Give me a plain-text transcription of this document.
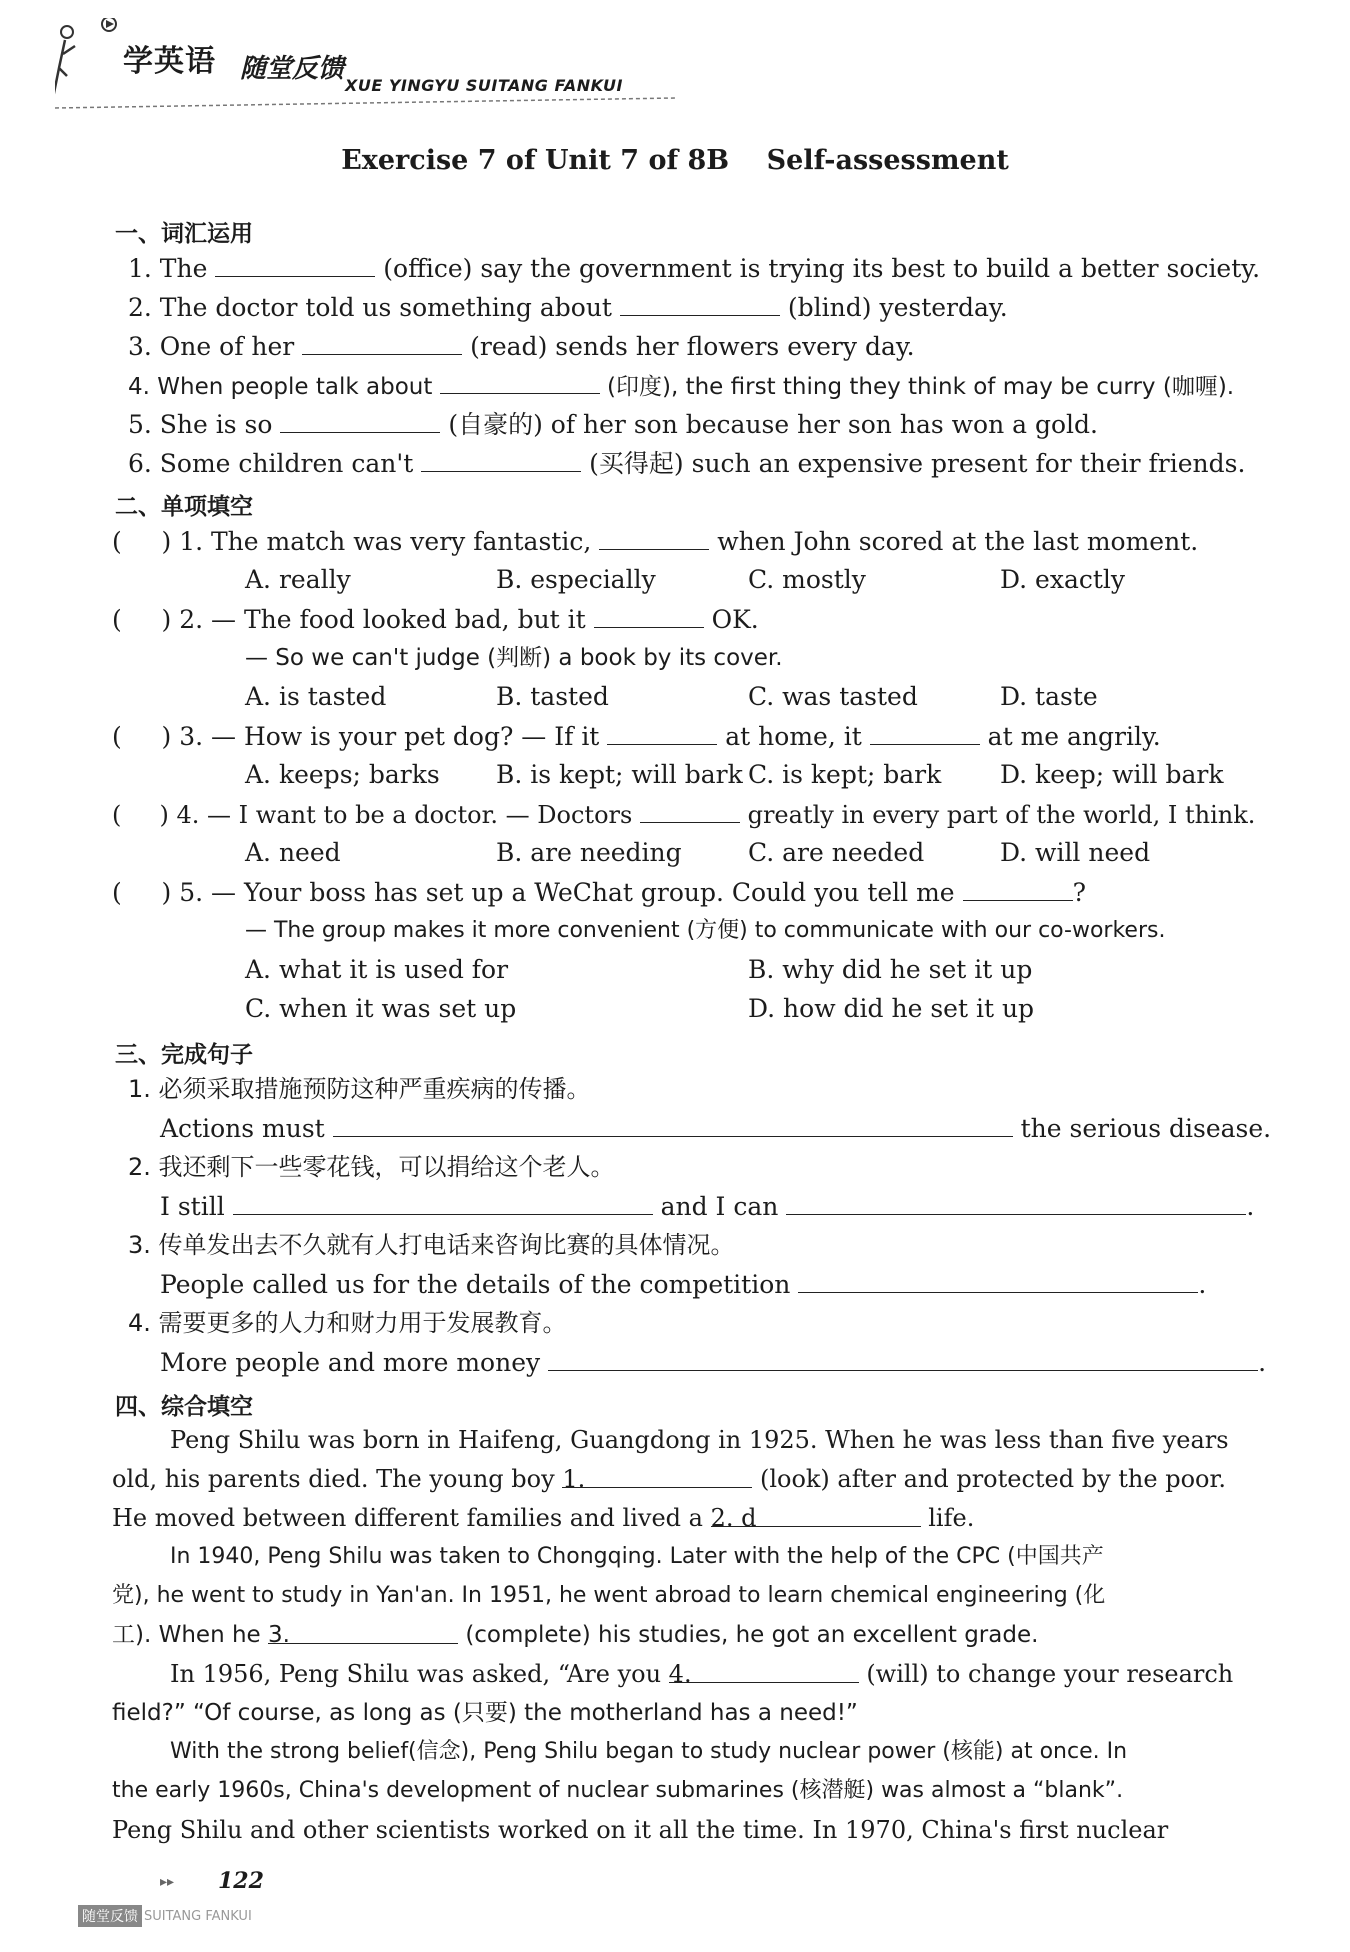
学英语 随堂反馈
XUE YINGYU SUITANG FANKUI
Exercise 7 of Unit 7 of 8B    Self-assessment
一、词汇运用
1. The	(office) say the government is trying its best to build a better society.
2. The doctor told us something about	(blind) yesterday.
3. One of her	(read) sends her flowers every day.
4. When people talk about	(印度), the first thing they think of may be curry (咖喱).
5. She is so	(自豪的) of her son because her son has won a gold.
6. Some children can't	(买得起) such an expensive present for their friends.
二、单项填空
(     ) 1. The match was very fantastic,	when John scored at the last moment.
A. really	B. especially	C. mostly	D. exactly
(     ) 2. — The food looked bad, but it	OK.
— So we can't judge (判断) a book by its cover.
A. is tasted	B. tasted	C. was tasted	D. taste
(     ) 3. — How is your pet dog? — If it	at home, it	at me angrily.
A. keeps; barks B. is kept; will bark C. is kept; bark D. keep; will bark
(     ) 4. — I want to be a doctor. — Doctors	greatly in every part of the world, I think.
A. need	B. are needing	C. are needed	D. will need
(     ) 5. — Your boss has set up a WeChat group. Could you tell me	?
— The group makes it more convenient (方便) to communicate with our co-workers.
A. what it is used for	B. why did he set it up
C. when it was set up	D. how did he set it up
三、完成句子
1. 必须采取措施预防这种严重疾病的传播。
Actions must	the serious disease.
2. 我还剩下一些零花钱，可以捐给这个老人。
I still	and I can	.
3. 传单发出去不久就有人打电话来咨询比赛的具体情况。
People called us for the details of the competition	.
4. 需要更多的人力和财力用于发展教育。
More people and more money	.
四、综合填空
Peng Shilu was born in Haifeng, Guangdong in 1925. When he was less than five years
old, his parents died. The young boy 1.	(look) after and protected by the poor.
He moved between different families and lived a 2. d	life.
In 1940, Peng Shilu was taken to Chongqing. Later with the help of the CPC (中国共产
党), he went to study in Yan'an. In 1951, he went abroad to learn chemical engineering (化
工). When he 3.	(complete) his studies, he got an excellent grade.
In 1956, Peng Shilu was asked, “Are you 4.	(will) to change your research
field?” “Of course, as long as (只要) the motherland has a need!”
With the strong belief(信念), Peng Shilu began to study nuclear power (核能) at once. In
the early 1960s, China's development of nuclear submarines (核潜艇) was almost a “blank”.
Peng Shilu and other scientists worked on it all the time. In 1970, China's first nuclear
▸▸ 122
随堂反馈 SUITANG FANKUI
